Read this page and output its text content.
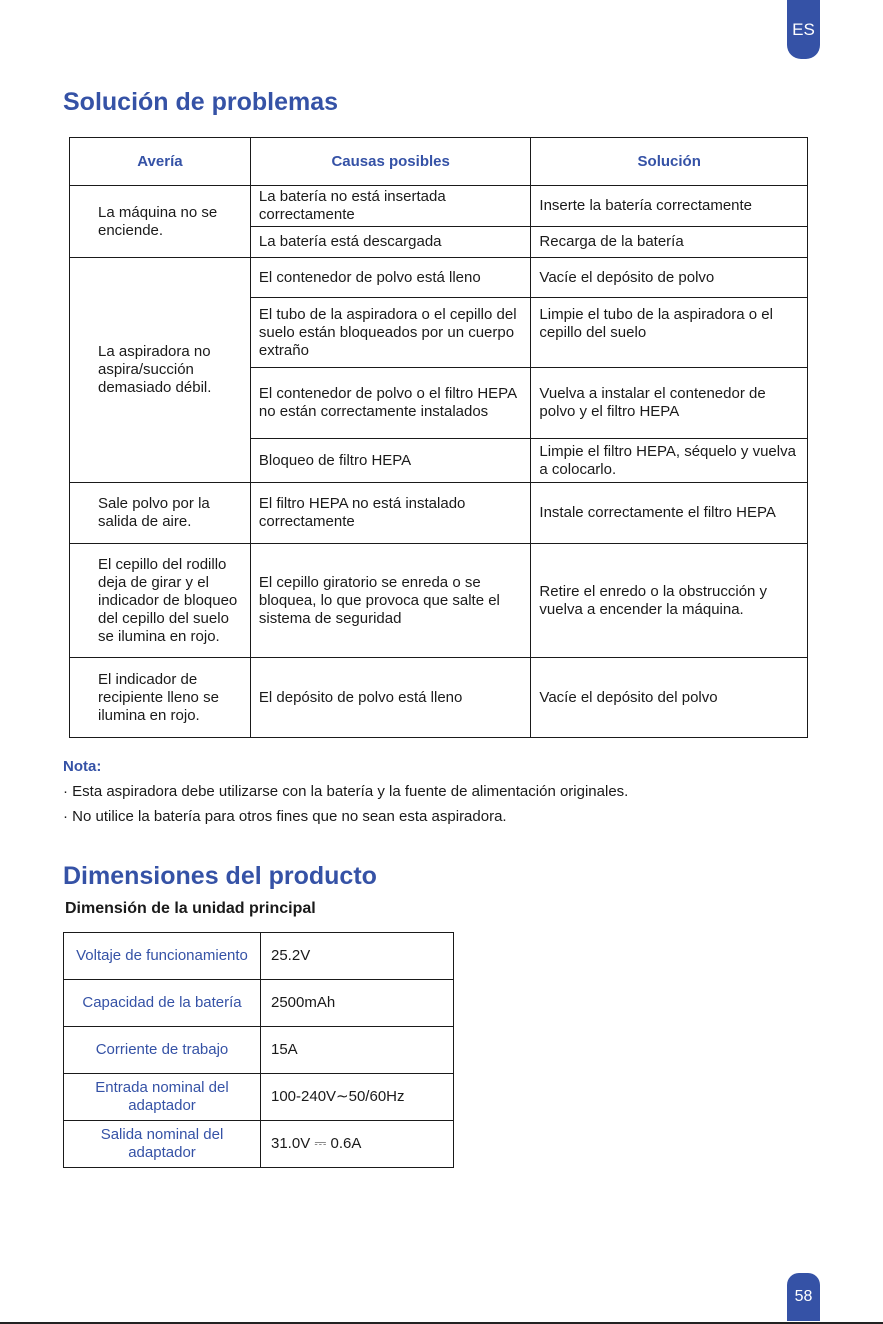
ES
Solución de problemas
Avería	Causas posibles	Solución
La máquina no se enciende.	La batería no está insertada correctamente	Inserte la batería correctamente
	La batería está descargada	Recarga de la batería
La aspiradora no aspira/succión demasiado débil.	El contenedor de polvo está lleno	Vacíe el depósito de polvo
	El tubo de la aspiradora o el cepillo del suelo están bloqueados por un cuerpo extraño	Limpie el tubo de la aspiradora o el cepillo del suelo
	El contenedor de polvo o el filtro HEPA no están correctamente instalados	Vuelva a instalar el contenedor de polvo y el filtro HEPA
	Bloqueo de filtro HEPA	Limpie el filtro HEPA, séquelo y vuelva a colocarlo.
Sale polvo por la salida de aire.	El filtro HEPA no está instalado correctamente	Instale correctamente el filtro HEPA
El cepillo del rodillo deja de girar y el indicador de bloqueo del cepillo del suelo se ilumina en rojo.	El cepillo giratorio se enreda o se bloquea, lo que provoca que salte el sistema de seguridad	Retire el enredo o la obstrucción y vuelva a encender la máquina.
El indicador de recipiente lleno se ilumina en rojo.	El depósito de polvo está lleno	Vacíe el depósito del polvo
Nota:
· Esta aspiradora debe utilizarse con la batería y la fuente de alimentación originales.
· No utilice la batería para otros fines que no sean esta aspiradora.
Dimensiones del producto
Dimensión de la unidad principal
Voltaje de funcionamiento	25.2V
Capacidad de la batería	2500mAh
Corriente de trabajo	15A
Entrada nominal del adaptador	100-240V∼50/60Hz
Salida nominal del adaptador	31.0V ⎓ 0.6A
58
